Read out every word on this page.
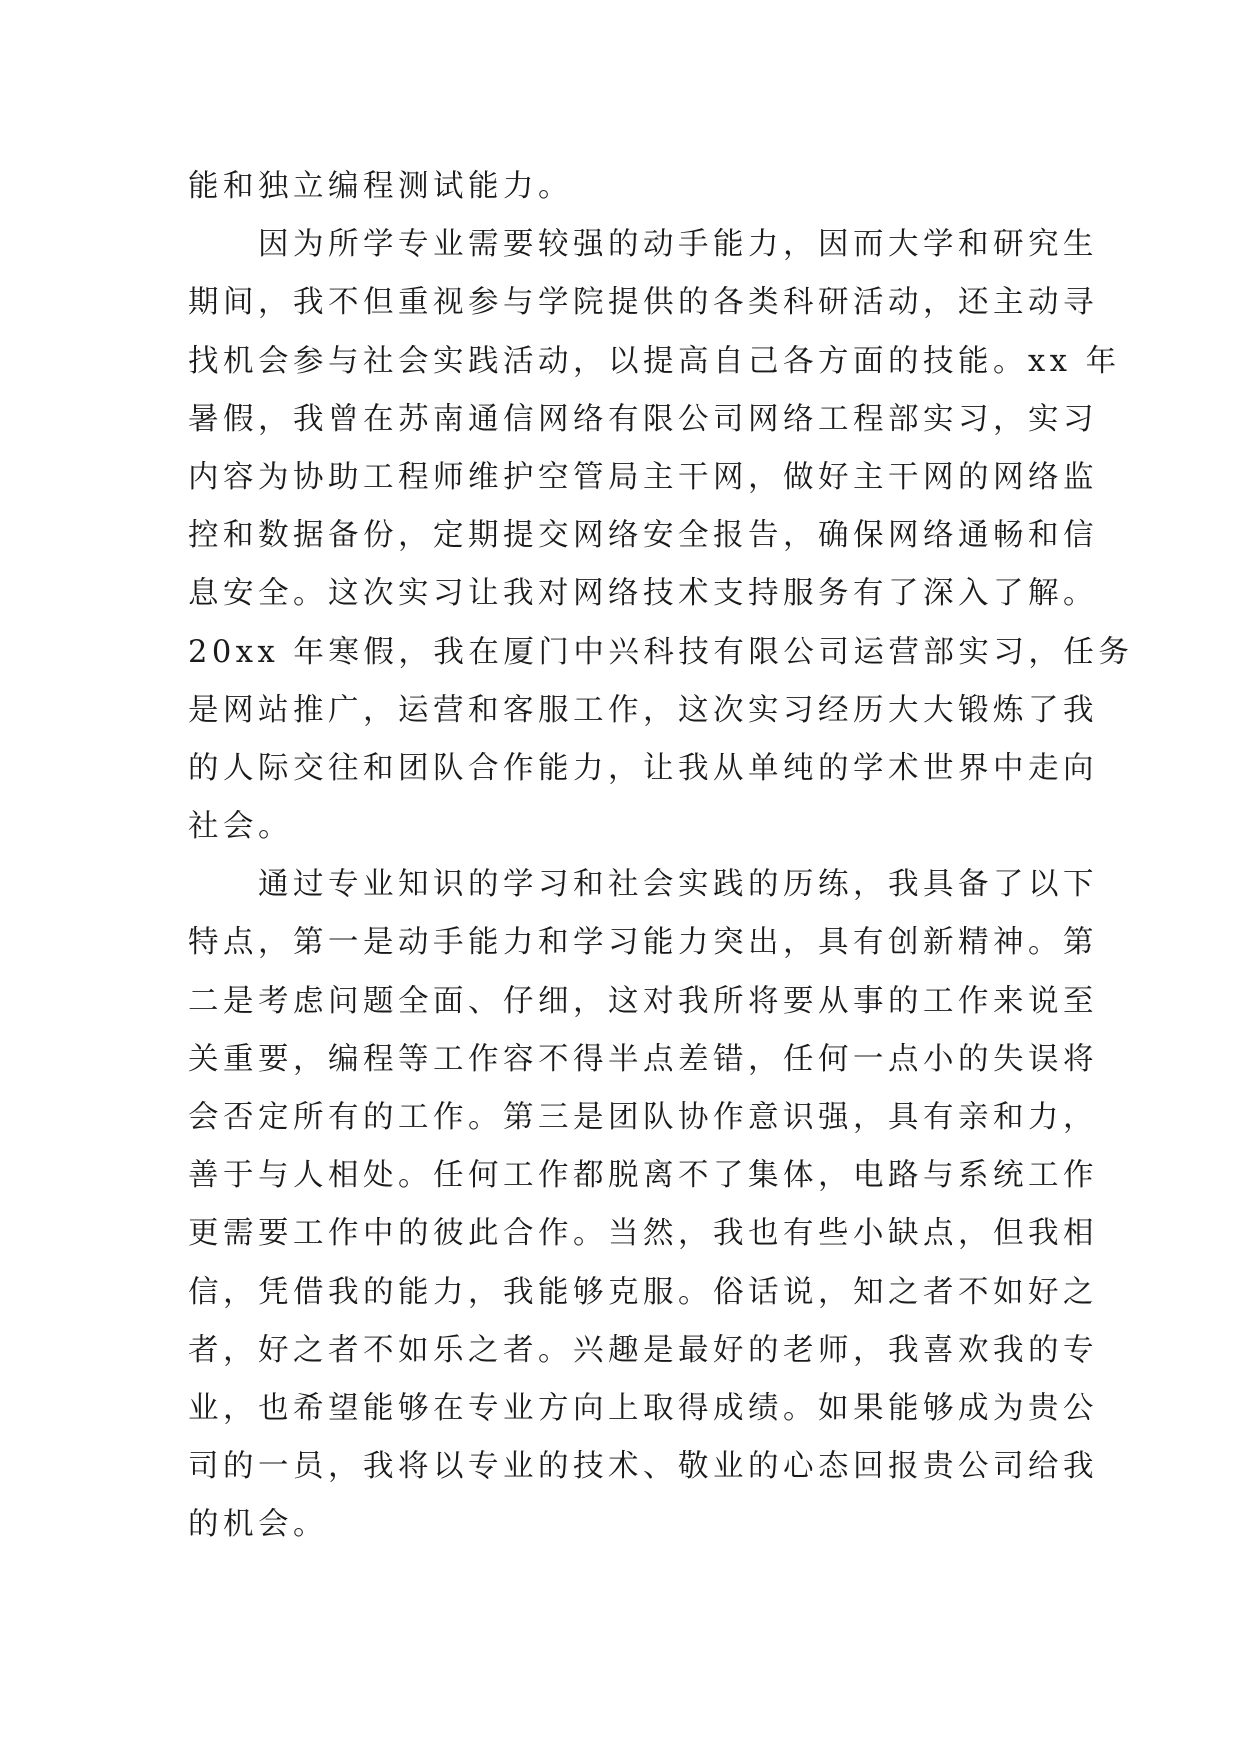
能和独立编程测试能力。
因为所学专业需要较强的动手能力，因而大学和研究生
期间，我不但重视参与学院提供的各类科研活动，还主动寻
找机会参与社会实践活动，以提高自己各方面的技能。xx 年
暑假，我曾在苏南通信网络有限公司网络工程部实习，实习
内容为协助工程师维护空管局主干网，做好主干网的网络监
控和数据备份，定期提交网络安全报告，确保网络通畅和信
息安全。这次实习让我对网络技术支持服务有了深入了解。
20xx 年寒假，我在厦门中兴科技有限公司运营部实习，任务
是网站推广，运营和客服工作，这次实习经历大大锻炼了我
的人际交往和团队合作能力，让我从单纯的学术世界中走向
社会。
通过专业知识的学习和社会实践的历练，我具备了以下
特点，第一是动手能力和学习能力突出，具有创新精神。第
二是考虑问题全面、仔细，这对我所将要从事的工作来说至
关重要，编程等工作容不得半点差错，任何一点小的失误将
会否定所有的工作。第三是团队协作意识强，具有亲和力，
善于与人相处。任何工作都脱离不了集体，电路与系统工作
更需要工作中的彼此合作。当然，我也有些小缺点，但我相
信，凭借我的能力，我能够克服。俗话说，知之者不如好之
者，好之者不如乐之者。兴趣是最好的老师，我喜欢我的专
业，也希望能够在专业方向上取得成绩。如果能够成为贵公
司的一员，我将以专业的技术、敬业的心态回报贵公司给我
的机会。
